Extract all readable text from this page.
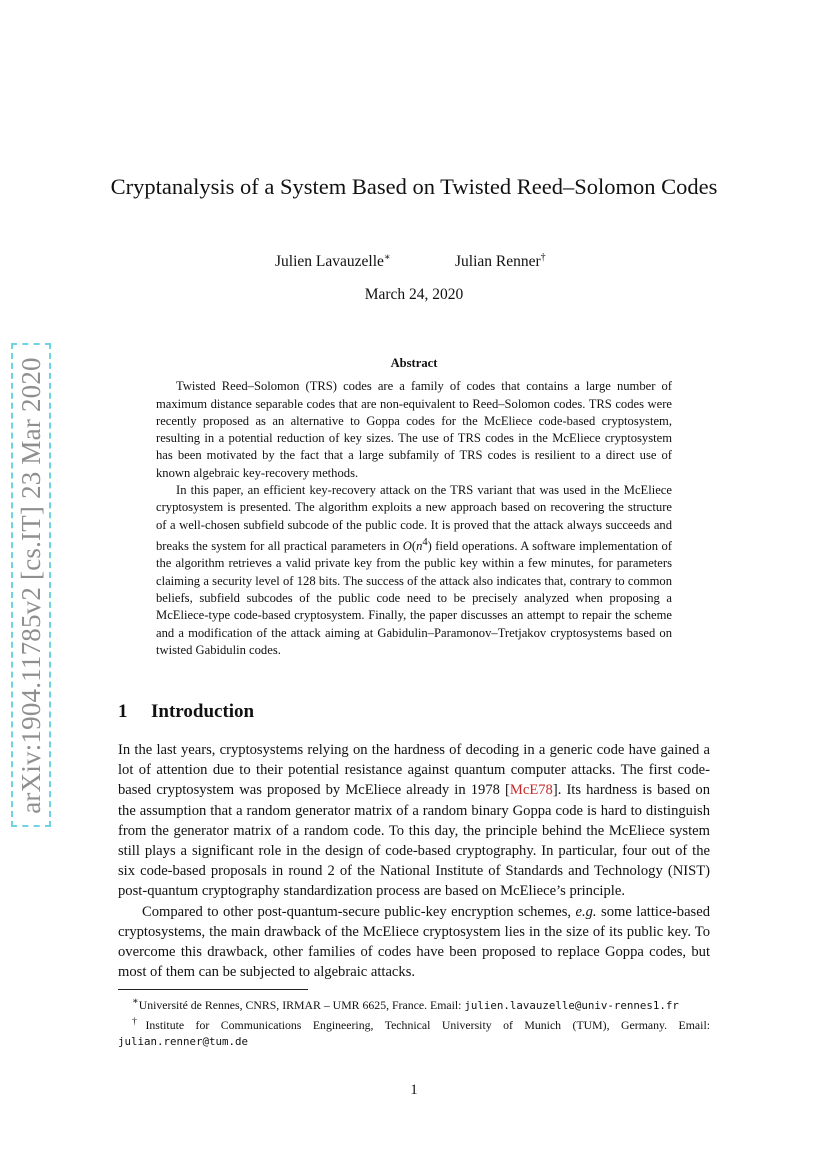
arXiv:1904.11785v2 [cs.IT] 23 Mar 2020
Cryptanalysis of a System Based on Twisted Reed–Solomon Codes
Julien Lavauzelle∗	Julian Renner†
March 24, 2020
Abstract

Twisted Reed–Solomon (TRS) codes are a family of codes that contains a large number of maximum distance separable codes that are non-equivalent to Reed–Solomon codes. TRS codes were recently proposed as an alternative to Goppa codes for the McEliece code-based cryptosystem, resulting in a potential reduction of key sizes. The use of TRS codes in the McEliece cryptosystem has been motivated by the fact that a large subfamily of TRS codes is resilient to a direct use of known algebraic key-recovery methods.

In this paper, an efficient key-recovery attack on the TRS variant that was used in the McEliece cryptosystem is presented. The algorithm exploits a new approach based on recovering the structure of a well-chosen subfield subcode of the public code. It is proved that the attack always succeeds and breaks the system for all practical parameters in $O(n^4)$ field operations. A software implementation of the algorithm retrieves a valid private key from the public key within a few minutes, for parameters claiming a security level of 128 bits. The success of the attack also indicates that, contrary to common beliefs, subfield subcodes of the public code need to be precisely analyzed when proposing a McEliece-type code-based cryptosystem. Finally, the paper discusses an attempt to repair the scheme and a modification of the attack aiming at Gabidulin–Paramonov–Tretjakov cryptosystems based on twisted Gabidulin codes.

1 Introduction

In the last years, cryptosystems relying on the hardness of decoding in a generic code have gained a lot of attention due to their potential resistance against quantum computer attacks. The first code-based cryptosystem was proposed by McEliece already in 1978 [McE78]. Its hardness is based on the assumption that a random generator matrix of a random binary Goppa code is hard to distinguish from the generator matrix of a random code. To this day, the principle behind the McEliece system still plays a significant role in the design of code-based cryptography. In particular, four out of the six code-based proposals in round 2 of the National Institute of Standards and Technology (NIST) post-quantum cryptography standardization process are based on McEliece’s principle.

Compared to other post-quantum-secure public-key encryption schemes, e.g. some lattice-based cryptosystems, the main drawback of the McEliece cryptosystem lies in the size of its public key. To overcome this drawback, other families of codes have been proposed to replace Goppa codes, but most of them can be subjected to algebraic attacks.

∗Université de Rennes, CNRS, IRMAR – UMR 6625, France. Email: julien.lavauzelle@univ-rennes1.fr

†Institute for Communications Engineering, Technical University of Munich (TUM), Germany. Email: julian.renner@tum.de

1
